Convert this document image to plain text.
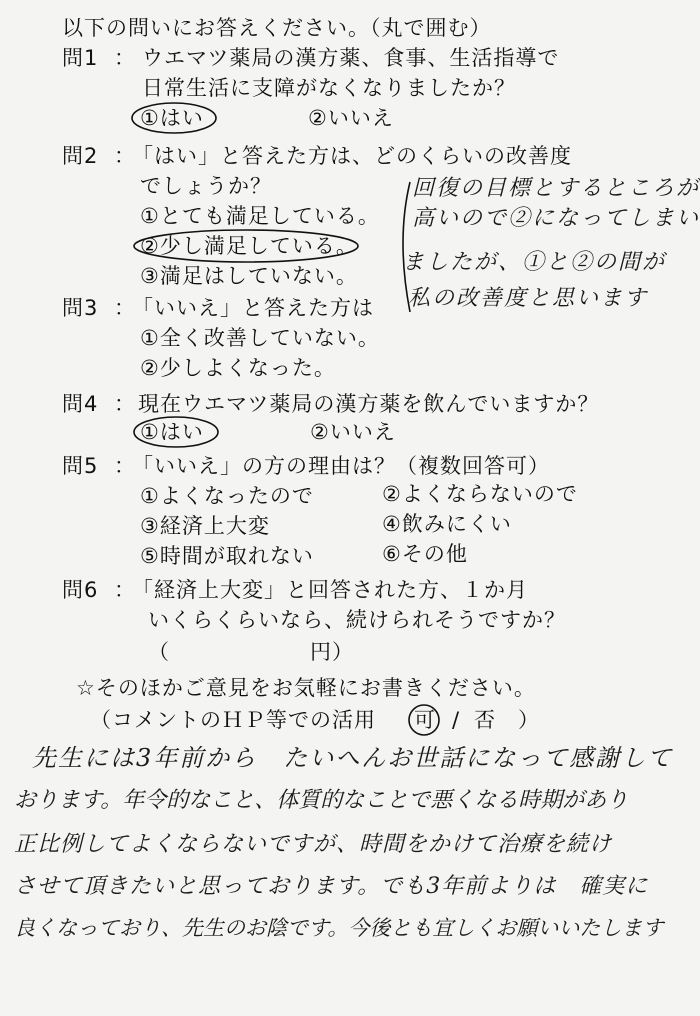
以下の問いにお答えください。（丸で囲む）
問1 ： ウエマツ薬局の漢方薬、食事、生活指導で
日常生活に支障がなくなりましたか？
①はい	②いいえ
問2 ：
「はい」と答えた方は、どのくらいの改善度
でしょうか？
①とても満足している。
②少し満足している。
③満足はしていない。
回復の目標とするところが
高いので②になってしまい
ましたが、①と②の間が
私の改善度と思います
問3 ：
「いいえ」と答えた方は
①全く改善していない。
②少しよくなった。
問4 ： 現在ウエマツ薬局の漢方薬を飲んでいますか？
①はい	②いいえ
問5 ：
「いいえ」の方の理由は？（複数回答可）
①よくなったので	②よくならないので
③経済上大変	④飲みにくい
⑤時間が取れない	⑥その他
問6 ：
「経済上大変」と回答された方、１か月
いくらくらいなら、続けられそうですか？
（	円）
☆そのほかご意見をお気軽にお書きください。
（コメントのＨＰ等での活用 可 / 否　）
先生には3年前から　たいへんお世話になって感謝して
おります。年令的なこと、体質的なことで悪くなる時期があり
正比例してよくならないですが、時間をかけて治療を続け
させて頂きたいと思っております。でも3年前よりは　確実に
良くなっており、先生のお陰です。今後とも宜しくお願いいたします
